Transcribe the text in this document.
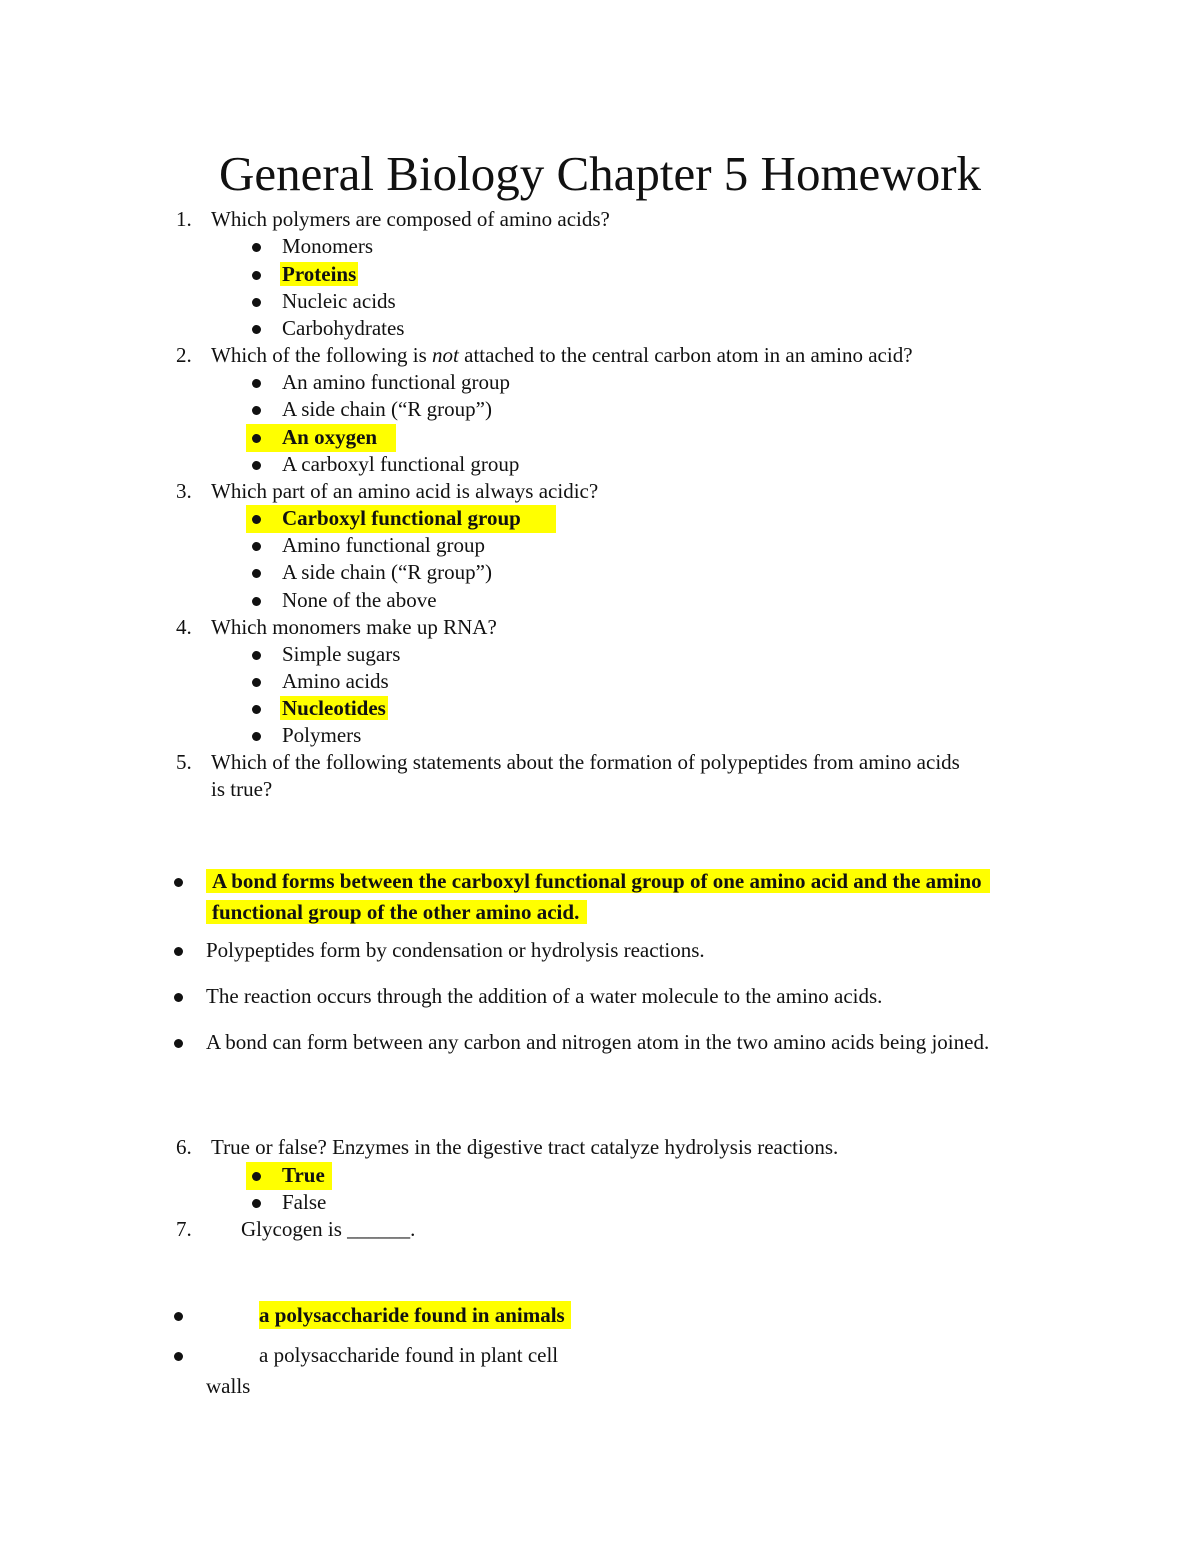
General Biology Chapter 5 Homework
1. Which polymers are composed of amino acids?
Monomers
Proteins
Nucleic acids
Carbohydrates
2. Which of the following is not attached to the central carbon atom in an amino acid?
An amino functional group
A side chain (“R group”)
An oxygen
A carboxyl functional group
3. Which part of an amino acid is always acidic?
Carboxyl functional group
Amino functional group
A side chain (“R group”)
None of the above
4. Which monomers make up RNA?
Simple sugars
Amino acids
Nucleotides
Polymers
5. Which of the following statements about the formation of polypeptides from amino acids
is true?
A bond forms between the carboxyl functional group of one amino acid and the amino functional group of the other amino acid.
Polypeptides form by condensation or hydrolysis reactions.
The reaction occurs through the addition of a water molecule to the amino acids.
A bond can form between any carbon and nitrogen atom in the two amino acids being joined.
6. True or false? Enzymes in the digestive tract catalyze hydrolysis reactions.
True
False
7.	Glycogen is ______.
a polysaccharide found in animals
a polysaccharide found in plant cell
walls
